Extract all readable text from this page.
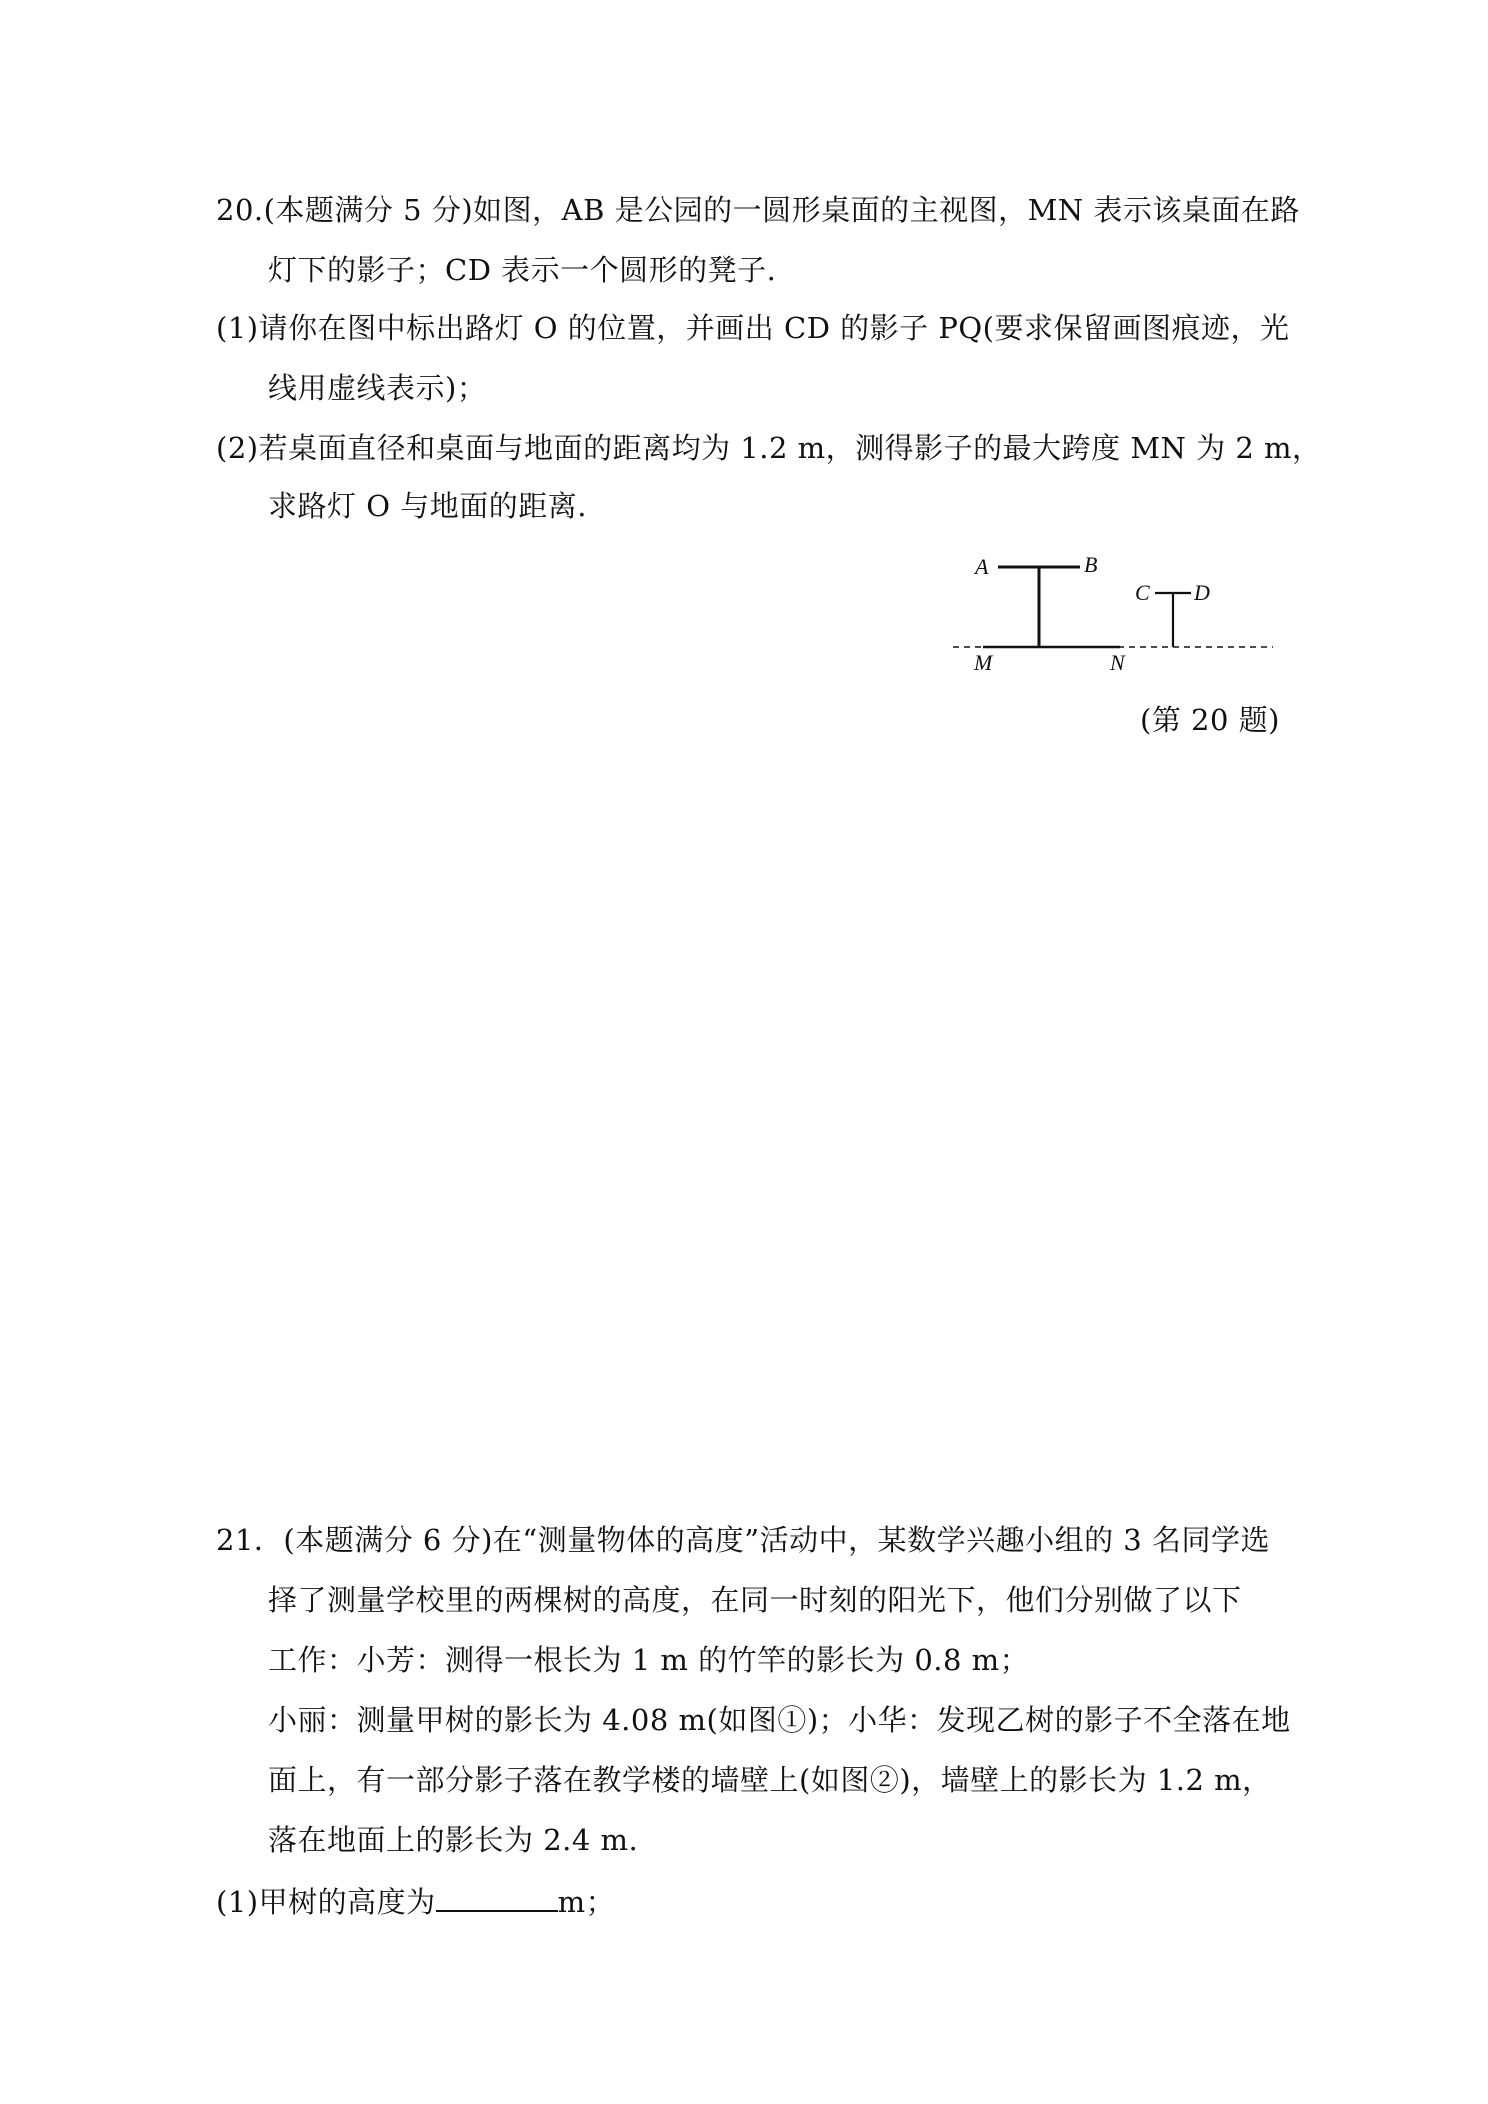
20.(本题满分 5 分)如图，AB 是公园的一圆形桌面的主视图，MN 表示该桌面在路
灯下的影子；CD 表示一个圆形的凳子.
(1)请你在图中标出路灯 O 的位置，并画出 CD 的影子 PQ(要求保留画图痕迹，光
线用虚线表示)；
(2)若桌面直径和桌面与地面的距离均为 1.2 m，测得影子的最大跨度 MN 为 2 m，
求路灯 O 与地面的距离.
A	B
C D
M	N
(第 20 题)
21．(本题满分 6 分)在“测量物体的高度”活动中，某数学兴趣小组的 3 名同学选
择了测量学校里的两棵树的高度，在同一时刻的阳光下，他们分别做了以下
工作：小芳：测得一根长为 1 m 的竹竿的影长为 0.8 m；
小丽：测量甲树的影长为 4.08 m(如图①)；小华：发现乙树的影子不全落在地
面上，有一部分影子落在教学楼的墙壁上(如图②)，墙壁上的影长为 1.2 m，
落在地面上的影长为 2.4 m.
(1)甲树的高度为	m；
